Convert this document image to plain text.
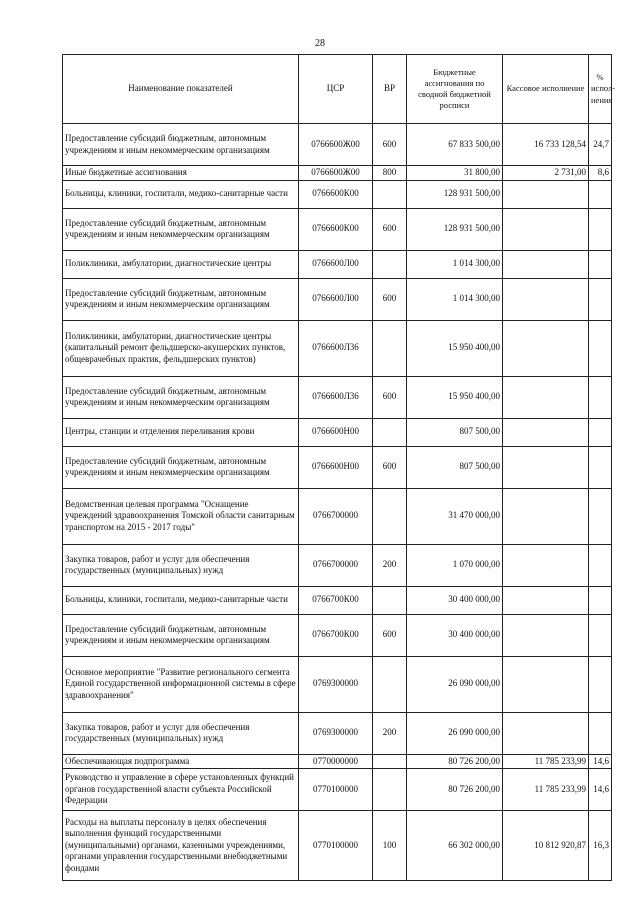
28
Наименование показателей	ЦСР	ВР	Бюджетные ассигнования по сводной бюджетной росписи	Кассовое исполнение	% испол-нения
Предоставление субсидий бюджетным, автономным учреждениям и иным некоммерческим организациям	0766600Ж00	600	67 833 500,00	16 733 128,54	24,7
Иные бюджетные ассигнования	0766600Ж00	800	31 800,00	2 731,00	8,6
Больницы, клиники, госпитали, медико-санитарные части	0766600К00		128 931 500,00		
Предоставление субсидий бюджетным, автономным учреждениям и иным некоммерческим организациям	0766600К00	600	128 931 500,00		
Поликлиники, амбулатории, диагностические центры	0766600Л00		1 014 300,00		
Предоставление субсидий бюджетным, автономным учреждениям и иным некоммерческим организациям	0766600Л00	600	1 014 300,00		
Поликлиники, амбулатории, диагностические центры (капитальный ремонт фельдшерско-акушерских пунктов, общеврачебных практик, фельдшерских пунктов)	0766600Л36		15 950 400,00		
Предоставление субсидий бюджетным, автономным учреждениям и иным некоммерческим организациям	0766600Л36	600	15 950 400,00		
Центры, станции и отделения переливания крови	0766600Н00		807 500,00		
Предоставление субсидий бюджетным, автономным учреждениям и иным некоммерческим организациям	0766600Н00	600	807 500,00		
Ведомственная целевая программа "Оснащение учреждений здравоохранения Томской области санитарным транспортом на 2015 - 2017 годы"	0766700000		31 470 000,00		
Закупка товаров, работ и услуг для обеспечения государственных (муниципальных) нужд	0766700000	200	1 070 000,00		
Больницы, клиники, госпитали, медико-санитарные части	0766700К00		30 400 000,00		
Предоставление субсидий бюджетным, автономным учреждениям и иным некоммерческим организациям	0766700К00	600	30 400 000,00		
Основное мероприятие "Развитие регионального сегмента Единой государственной информационной системы в сфере здравоохранения"	0769300000		26 090 000,00		
Закупка товаров, работ и услуг для обеспечения государственных (муниципальных) нужд	0769300000	200	26 090 000,00		
Обеспечивающая подпрограмма	0770000000		80 726 200,00	11 785 233,99	14,6
Руководство и управление в сфере установленных функций органов государственной власти субъекта Российской Федерации	0770100000		80 726 200,00	11 785 233,99	14,6
Расходы на выплаты персоналу в целях обеспечения выполнения функций государственными (муниципальными) органами, казенными учреждениями, органами управления государственными внебюджетными фондами	0770100000	100	66 302 000,00	10 812 920,87	16,3
